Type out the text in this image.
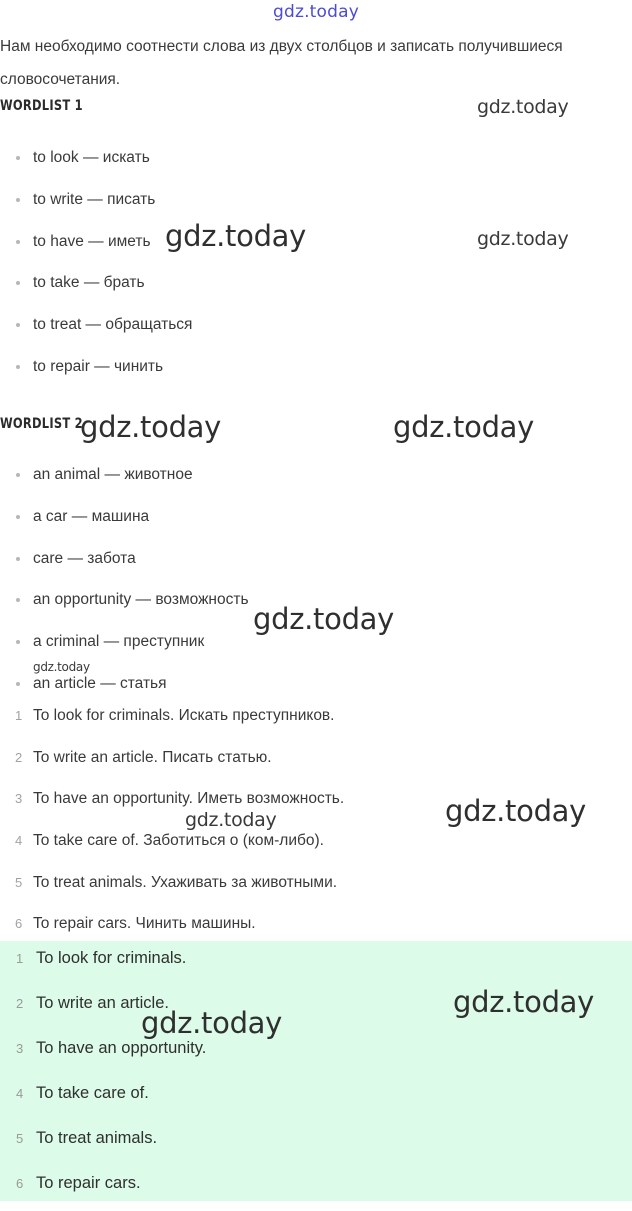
gdz.today
Нам необходимо соотнести слова из двух столбцов и записать получившиеся словосочетания.
WORDLIST 1
to look — искать
to write — писать
to have — иметь
to take — брать
to treat — обращаться
to repair — чинить
WORDLIST 2
an animal — животное
a car — машина
care — забота
an opportunity — возможность
a criminal — преступник
an article — статья
1 To look for criminals. Искать преступников.
2 To write an article. Писать статью.
3 To have an opportunity. Иметь возможность.
4 To take care of. Заботиться о (ком-либо).
5 To treat animals. Ухаживать за животными.
6 To repair cars. Чинить машины.
1 To look for criminals.
2 To write an article.
3 To have an opportunity.
4 To take care of.
5 To treat animals.
6 To repair cars.
gdz.today
gdz.today	gdz.today
gdz.today	gdz.today
gdz.today
gdz.today
gdz.today
gdz.today
gdz.today
gdz.today
